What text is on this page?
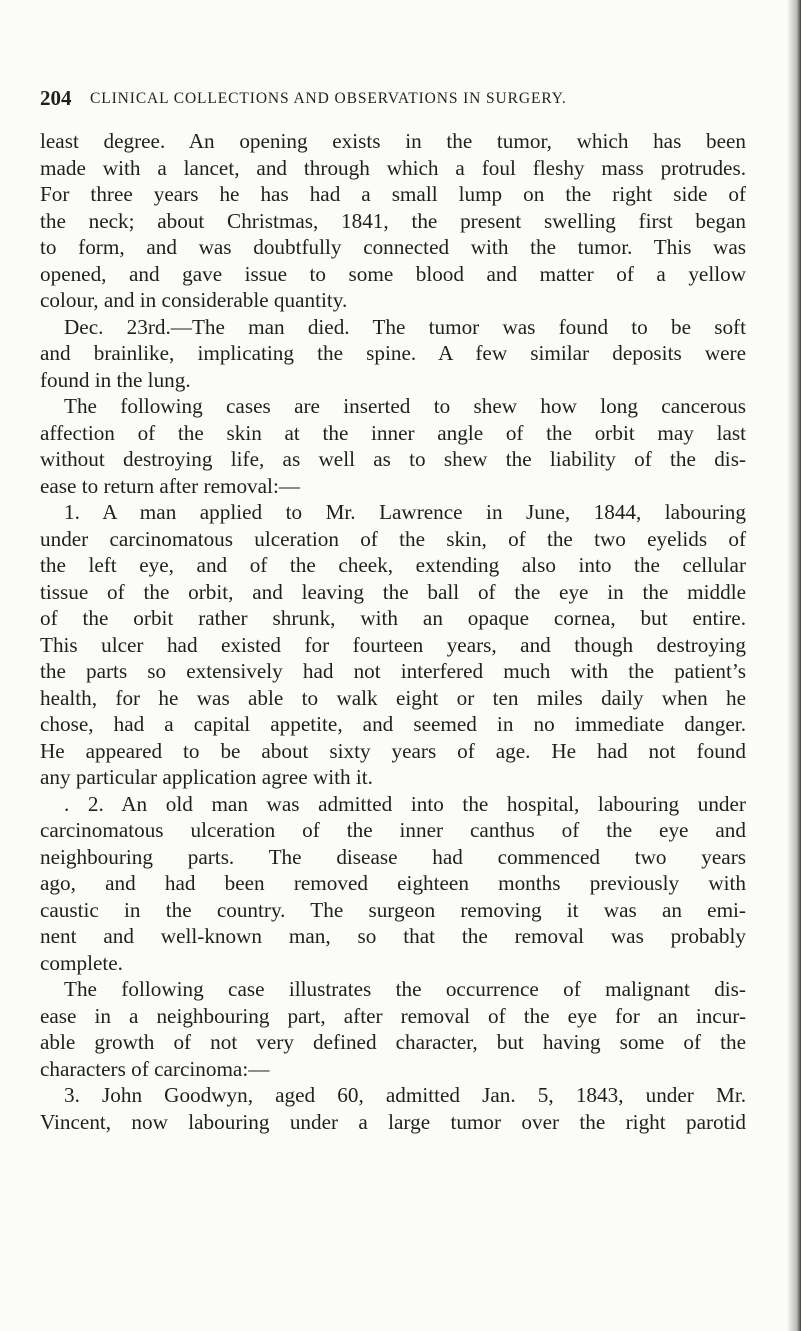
204 CLINICAL COLLECTIONS AND OBSERVATIONS IN SURGERY.
least degree. An opening exists in the tumor, which has been
made with a lancet, and through which a foul fleshy mass protrudes.
For three years he has had a small lump on the right side of
the neck; about Christmas, 1841, the present swelling first began
to form, and was doubtfully connected with the tumor. This was
opened, and gave issue to some blood and matter of a yellow
colour, and in considerable quantity.
Dec. 23rd.—The man died. The tumor was found to be soft
and brainlike, implicating the spine. A few similar deposits were
found in the lung.
The following cases are inserted to shew how long cancerous
affection of the skin at the inner angle of the orbit may last
without destroying life, as well as to shew the liability of the dis-
ease to return after removal:—
1. A man applied to Mr. Lawrence in June, 1844, labouring
under carcinomatous ulceration of the skin, of the two eyelids of
the left eye, and of the cheek, extending also into the cellular
tissue of the orbit, and leaving the ball of the eye in the middle
of the orbit rather shrunk, with an opaque cornea, but entire.
This ulcer had existed for fourteen years, and though destroying
the parts so extensively had not interfered much with the patient’s
health, for he was able to walk eight or ten miles daily when he
chose, had a capital appetite, and seemed in no immediate danger.
He appeared to be about sixty years of age. He had not found
any particular application agree with it.
. 2. An old man was admitted into the hospital, labouring under
carcinomatous ulceration of the inner canthus of the eye and
neighbouring parts. The disease had commenced two years
ago, and had been removed eighteen months previously with
caustic in the country. The surgeon removing it was an emi-
nent and well-known man, so that the removal was probably
complete.
The following case illustrates the occurrence of malignant dis-
ease in a neighbouring part, after removal of the eye for an incur-
able growth of not very defined character, but having some of the
characters of carcinoma:—
3. John Goodwyn, aged 60, admitted Jan. 5, 1843, under Mr.
Vincent, now labouring under a large tumor over the right parotid
